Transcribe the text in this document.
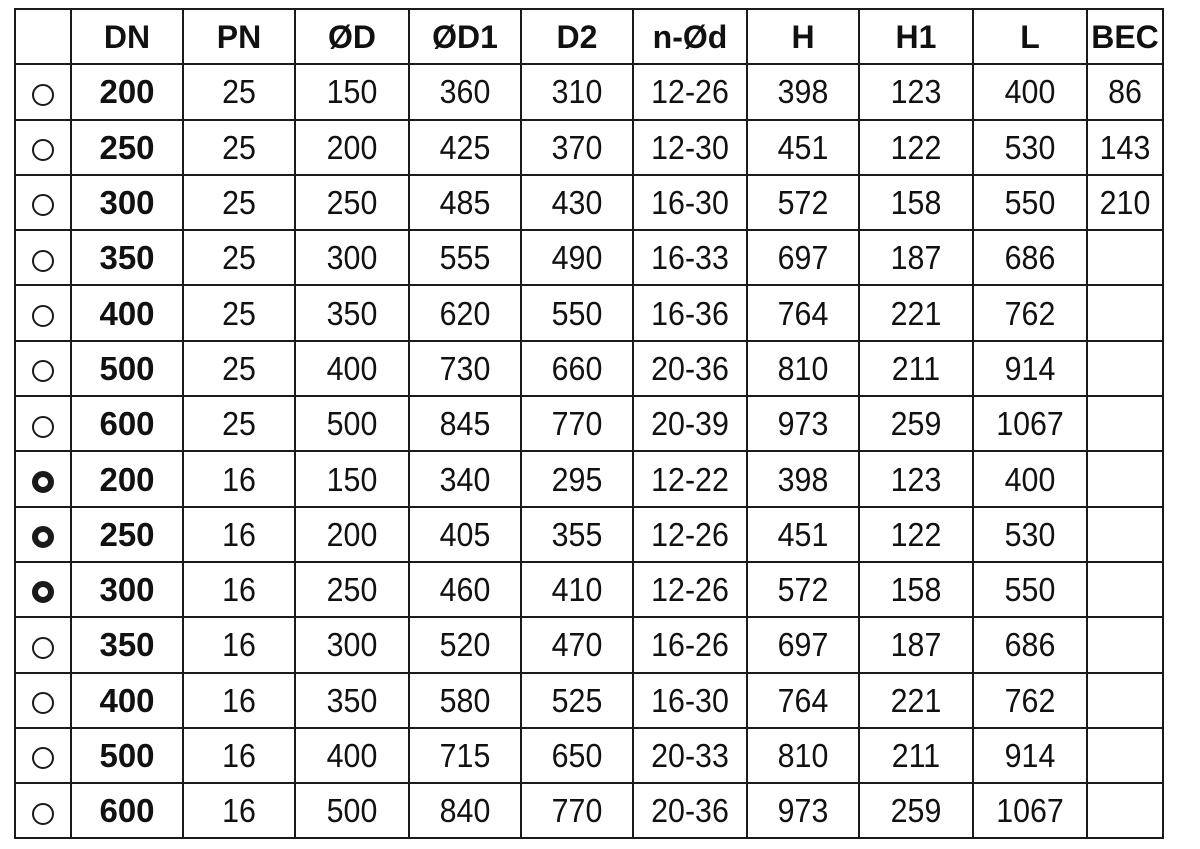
	DN	PN	ØD	ØD1	D2	n-Ød	H	H1	L	BEC
	200	25	150	360	310	12-26	398	123	400	86
	250	25	200	425	370	12-30	451	122	530	143
	300	25	250	485	430	16-30	572	158	550	210
	350	25	300	555	490	16-33	697	187	686	
	400	25	350	620	550	16-36	764	221	762	
	500	25	400	730	660	20-36	810	211	914	
	600	25	500	845	770	20-39	973	259	1067	
	200	16	150	340	295	12-22	398	123	400	
	250	16	200	405	355	12-26	451	122	530	
	300	16	250	460	410	12-26	572	158	550	
	350	16	300	520	470	16-26	697	187	686	
	400	16	350	580	525	16-30	764	221	762	
	500	16	400	715	650	20-33	810	211	914	
	600	16	500	840	770	20-36	973	259	1067	
